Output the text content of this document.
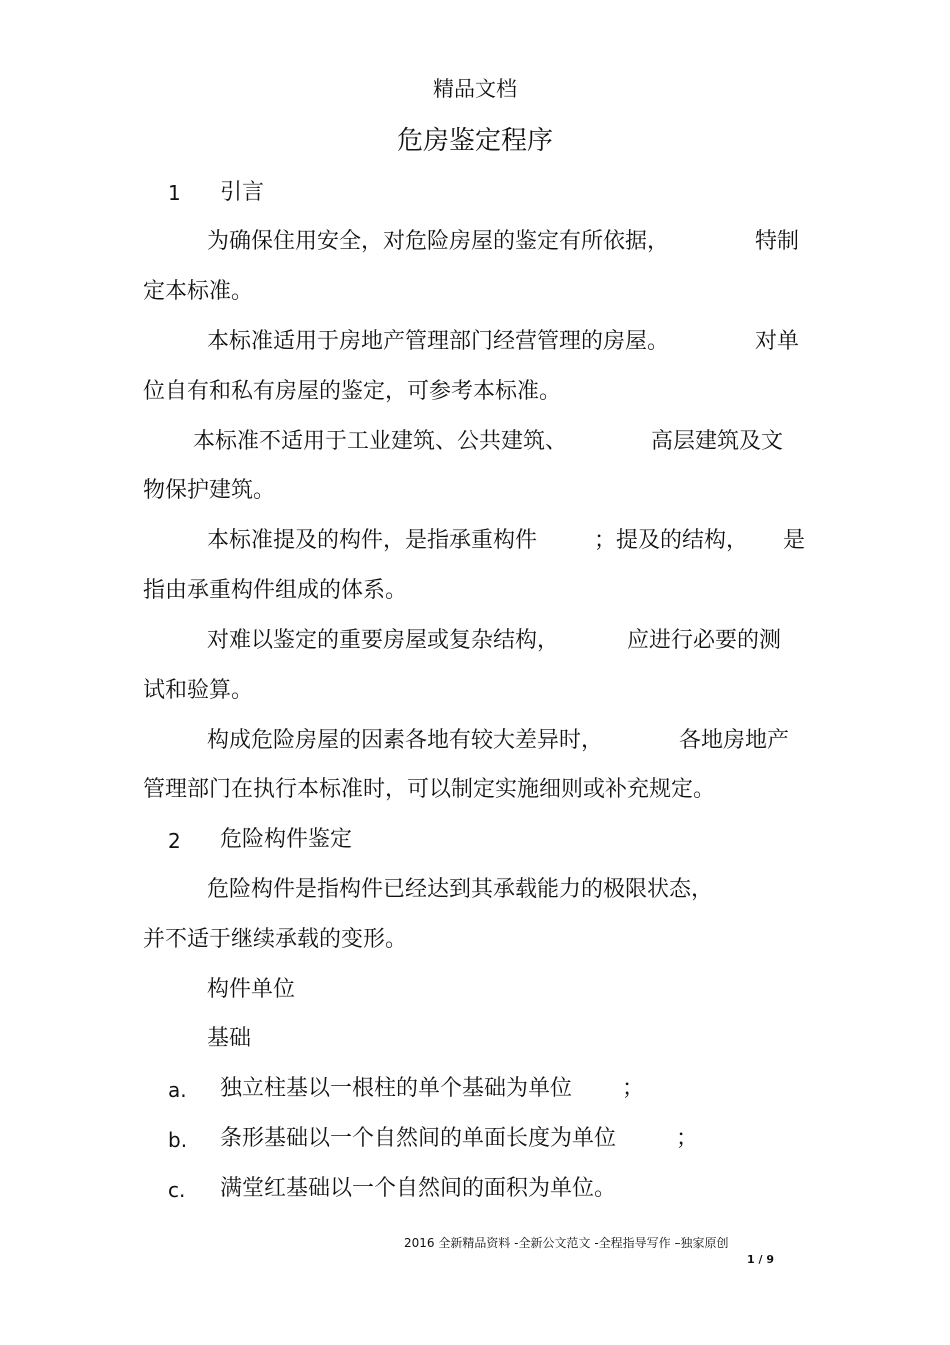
精品文档
危房鉴定程序
1 引言
为确保住用安全，对危险房屋的鉴定有所依据，	特制
定本标准。
本标准适用于房地产管理部门经营管理的房屋。	对单
位自有和私有房屋的鉴定，可参考本标准。
本标准不适用于工业建筑、公共建筑、	高层建筑及文
物保护建筑。
本标准提及的构件，是指承重构件	；提及的结构， 是
指由承重构件组成的体系。
对难以鉴定的重要房屋或复杂结构，	应进行必要的测
试和验算。
构成危险房屋的因素各地有较大差异时，	各地房地产
管理部门在执行本标准时，可以制定实施细则或补充规定。
2 危险构件鉴定
危险构件是指构件已经达到其承载能力的极限状态，
并不适于继续承载的变形。
构件单位
基础
a. 独立柱基以一根柱的单个基础为单位 ；
b. 条形基础以一个自然间的单面长度为单位	；
c. 满堂红基础以一个自然间的面积为单位。
2016 全新精品资料 -全新公文范文 -全程指导写作 –独家原创
1 / 9
